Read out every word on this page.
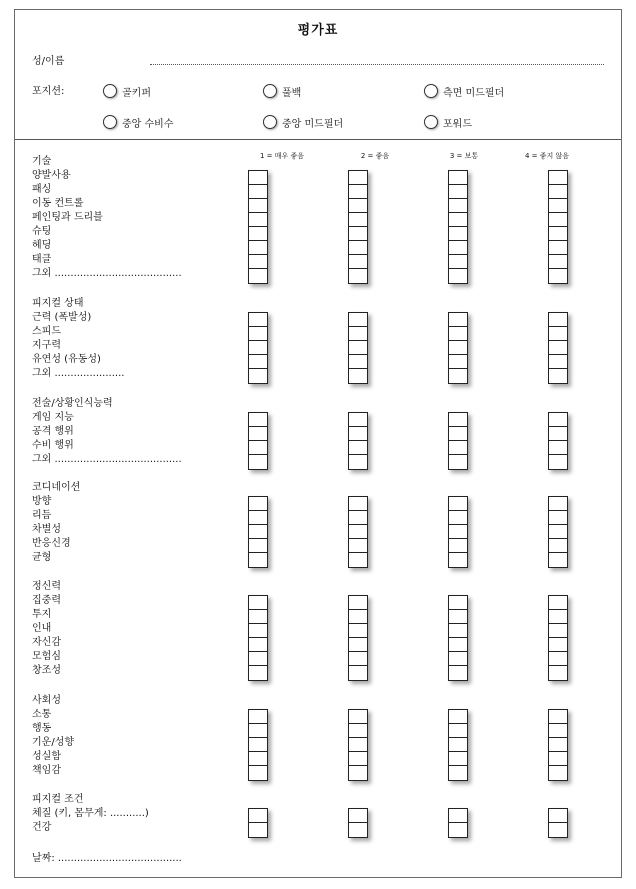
평가표
성/이름
포지션:	골키퍼	풀백	측면 미드필더
중앙 수비수	중앙 미드필더	포워드
1 = 매우 좋음	2 = 좋음	3 = 보통	4 = 좋지 않음
기술
양발사용
패싱
이동 컨트롤
페인팅과 드리블
슈팅
헤딩
태클
그외 ........................................
피지컬 상태
근력 (폭발성)
스피드
지구력
유연성 (유동성)
그외 ......................
전술/상황인식능력
게임 지능
공격 행위
수비 행위
그외 ........................................
코디네이션
방향
리듬
차별성
반응신경
균형
정신력
집중력
투지
인내
자신감
모험심
창조성
사회성
소통
행동
기운/성향
성실함
책임감
피지컬 조건
체질 (키, 몸무게: ...........)
건강
날짜: .......................................
